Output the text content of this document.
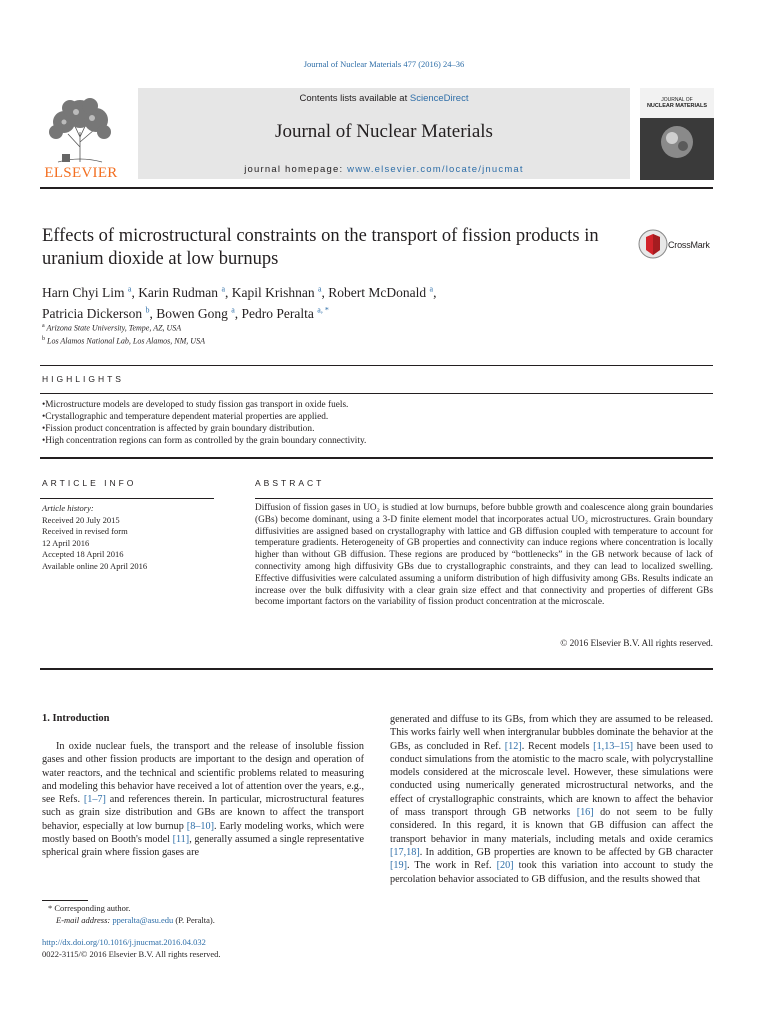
Journal of Nuclear Materials 477 (2016) 24–36
ELSEVIER
Contents lists available at ScienceDirect
Journal of Nuclear Materials
journal homepage: www.elsevier.com/locate/jnucmat
JOURNAL OF
NUCLEAR MATERIALS
Effects of microstructural constraints on the transport of fission products in uranium dioxide at low burnups
CrossMark
Harn Chyi Lim $^a$, Karin Rudman $^a$, Kapil Krishnan $^a$, Robert McDonald $^a$,
Patricia Dickerson $^b$, Bowen Gong $^a$, Pedro Peralta $^{a, *}$
$^a$ Arizona State University, Tempe, AZ, USA
$^b$ Los Alamos National Lab, Los Alamos, NM, USA
HIGHLIGHTS
• Microstructure models are developed to study fission gas transport in oxide fuels.
• Crystallographic and temperature dependent material properties are applied.
• Fission product concentration is affected by grain boundary distribution.
• High concentration regions can form as controlled by the grain boundary connectivity.
ARTICLE INFO	ABSTRACT
Article history:
Received 20 July 2015
Received in revised form
12 April 2016
Accepted 18 April 2016
Available online 20 April 2016
Diffusion of fission gases in UO₂ is studied at low burnups, before bubble growth and coalescence along grain boundaries (GBs) become dominant, using a 3-D finite element model that incorporates actual UO₂ microstructures. Grain boundary diffusivities are assigned based on crystallography with lattice and GB diffusion coupled with temperature to account for temperature gradients. Heterogeneity of GB properties and connectivity can induce regions where concentration is locally higher than without GB diffusion. These regions are produced by “bottlenecks” in the GB network because of lack of connectivity among high diffusivity GBs due to crystallographic constraints, and they can lead to localized swelling. Effective diffusivities were calculated assuming a uniform distribution of high diffusivity among GBs. Results indicate an increase over the bulk diffusivity with a clear grain size effect and that connectivity and properties of different GBs become important factors on the variability of fission product concentration at the microscale.
© 2016 Elsevier B.V. All rights reserved.
1. Introduction

In oxide nuclear fuels, the transport and the release of insoluble fission gases and other fission products are important to the design and operation of water reactors, and the technical and scientific problems related to measuring and modeling this behavior have received a lot of attention over the years, e.g., see Refs. [1–7] and references therein. In particular, microstructural features such as grain size distribution and GBs are known to affect the transport behavior, especially at low burnup [8–10]. Early modeling works, which were mostly based on Booth's model [11], generally assumed a single representative spherical grain where fission gases are

generated and diffuse to its GBs, from which they are assumed to be released. This works fairly well when intergranular bubbles dominate the behavior at the GBs, as concluded in Ref. [12]. Recent models [1,13–15] have been used to conduct simulations from the atomistic to the macro scale, with polycrystalline models considered at the microscale level. However, these simulations were conducted using numerically generated microstructural networks, and the effect of crystallographic constraints, which are known to affect the behavior of mass transport through GB networks [16] do not seem to be fully considered. In this regard, it is known that GB diffusion can affect the transport behavior in many materials, including metals and oxide ceramics [17,18]. In addition, GB properties are known to be affected by GB character [19]. The work in Ref. [20] took this variation into account to study the percolation behavior associated to GB diffusion, and the results showed that

* Corresponding author.
E-mail address: pperalta@asu.edu (P. Peralta).
http://dx.doi.org/10.1016/j.jnucmat.2016.04.032
0022-3115/© 2016 Elsevier B.V. All rights reserved.
